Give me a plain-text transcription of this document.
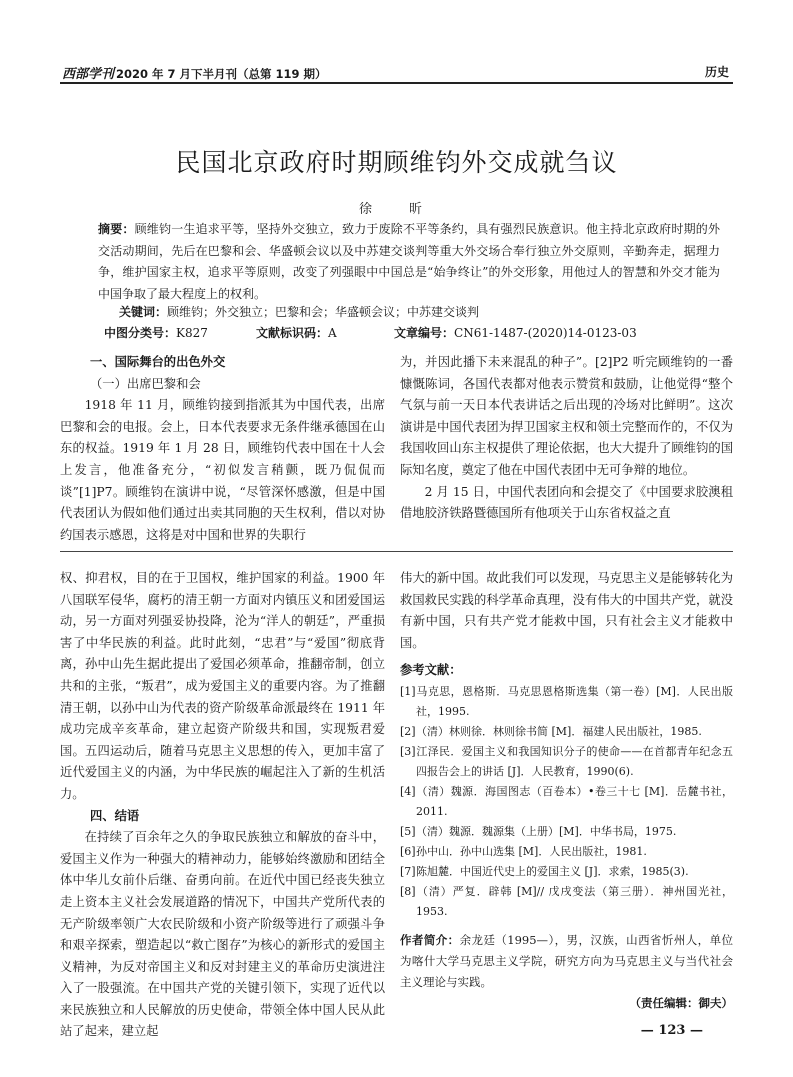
西部学刊 2020 年 7 月下半月刊（总第 119 期）	历史
民国北京政府时期顾维钧外交成就刍议
徐　昕
摘要：顾维钧一生追求平等，坚持外交独立，致力于废除不平等条约，具有强烈民族意识。他主持北京政府时期的外交活动期间，先后在巴黎和会、华盛顿会议以及中苏建交谈判等重大外交场合奉行独立外交原则，辛勤奔走，据理力争，维护国家主权，追求平等原则，改变了列强眼中中国总是“始争终让”的外交形象，用他过人的智慧和外交才能为中国争取了最大程度上的权利。
关键词：顾维钧；外交独立；巴黎和会；华盛顿会议；中苏建交谈判
中图分类号：K827	文献标识码：A	文章编号：CN61-1487-(2020)14-0123-03

一、国际舞台的出色外交

（一）出席巴黎和会

1918 年 11 月，顾维钧接到指派其为中国代表，出席巴黎和会的电报。会上，日本代表要求无条件继承德国在山东的权益。1919 年 1 月 28 日，顾维钧代表中国在十人会上发言，他准备充分，“初似发言稍颤，既乃侃侃而谈”[1]P7。顾维钧在演讲中说，“尽管深怀感激，但是中国代表团认为假如他们通过出卖其同胞的天生权利，借以对协约国表示感恩，这将是对中国和世界的失职行

为，并因此播下未来混乱的种子”。[2]P2 听完顾维钧的一番慷慨陈词，各国代表都对他表示赞赏和鼓励，让他觉得“整个气氛与前一天日本代表讲话之后出现的冷场对比鲜明”。这次演讲是中国代表团为捍卫国家主权和领土完整而作的，不仅为我国收回山东主权提供了理论依据，也大大提升了顾维钧的国际知名度，奠定了他在中国代表团中无可争辩的地位。

2 月 15 日，中国代表团向和会提交了《中国要求胶澳租借地胶济铁路暨德国所有他项关于山东省权益之直

权、抑君权，目的在于卫国权，维护国家的利益。1900 年八国联军侵华，腐朽的清王朝一方面对内镇压义和团爱国运动，另一方面对列强妥协投降，沦为“洋人的朝廷”，严重损害了中华民族的利益。此时此刻，“忠君”与“爱国”彻底背离，孙中山先生据此提出了爱国必须革命，推翻帝制，创立共和的主张，“叛君”，成为爱国主义的重要内容。为了推翻清王朝，以孙中山为代表的资产阶级革命派最终在 1911 年成功完成辛亥革命，建立起资产阶级共和国，实现叛君爱国。五四运动后，随着马克思主义思想的传入，更加丰富了近代爱国主义的内涵，为中华民族的崛起注入了新的生机活力。

四、结语

在持续了百余年之久的争取民族独立和解放的奋斗中，爱国主义作为一种强大的精神动力，能够始终激励和团结全体中华儿女前仆后继、奋勇向前。在近代中国已经丧失独立走上资本主义社会发展道路的情况下，中国共产党所代表的无产阶级率领广大农民阶级和小资产阶级等进行了顽强斗争和艰辛探索，塑造起以“救亡图存”为核心的新形式的爱国主义精神，为反对帝国主义和反对封建主义的革命历史演进注入了一股强流。在中国共产党的关键引领下，实现了近代以来民族独立和人民解放的历史使命，带领全体中国人民从此站了起来，建立起

伟大的新中国。故此我们可以发现，马克思主义是能够转化为救国救民实践的科学革命真理，没有伟大的中国共产党，就没有新中国，只有共产党才能救中国，只有社会主义才能救中国。

参考文献：

[1]马克思，恩格斯．马克思恩格斯选集（第一卷）[M]．人民出版社，1995.

[2]（清）林则徐．林则徐书简 [M]．福建人民出版社，1985.

[3]江泽民．爱国主义和我国知识分子的使命——在首都青年纪念五四报告会上的讲话 [J]．人民教育，1990(6).

[4]（清）魏源．海国图志（百卷本）•卷三十七 [M]．岳麓书社，2011.

[5]（清）魏源．魏源集（上册）[M]．中华书局，1975.

[6]孙中山．孙中山选集 [M]．人民出版社，1981.

[7]陈旭麓．中国近代史上的爱国主义 [J]．求索，1985(3).

[8]（清）严复．辟韩 [M]// 戊戌变法（第三册）．神州国光社，1953.

作者简介：余龙廷（1995—），男，汉族，山西省忻州人，单位为喀什大学马克思主义学院，研究方向为马克思主义与当代社会主义理论与实践。

（责任编辑：御夫）

— 123 —
